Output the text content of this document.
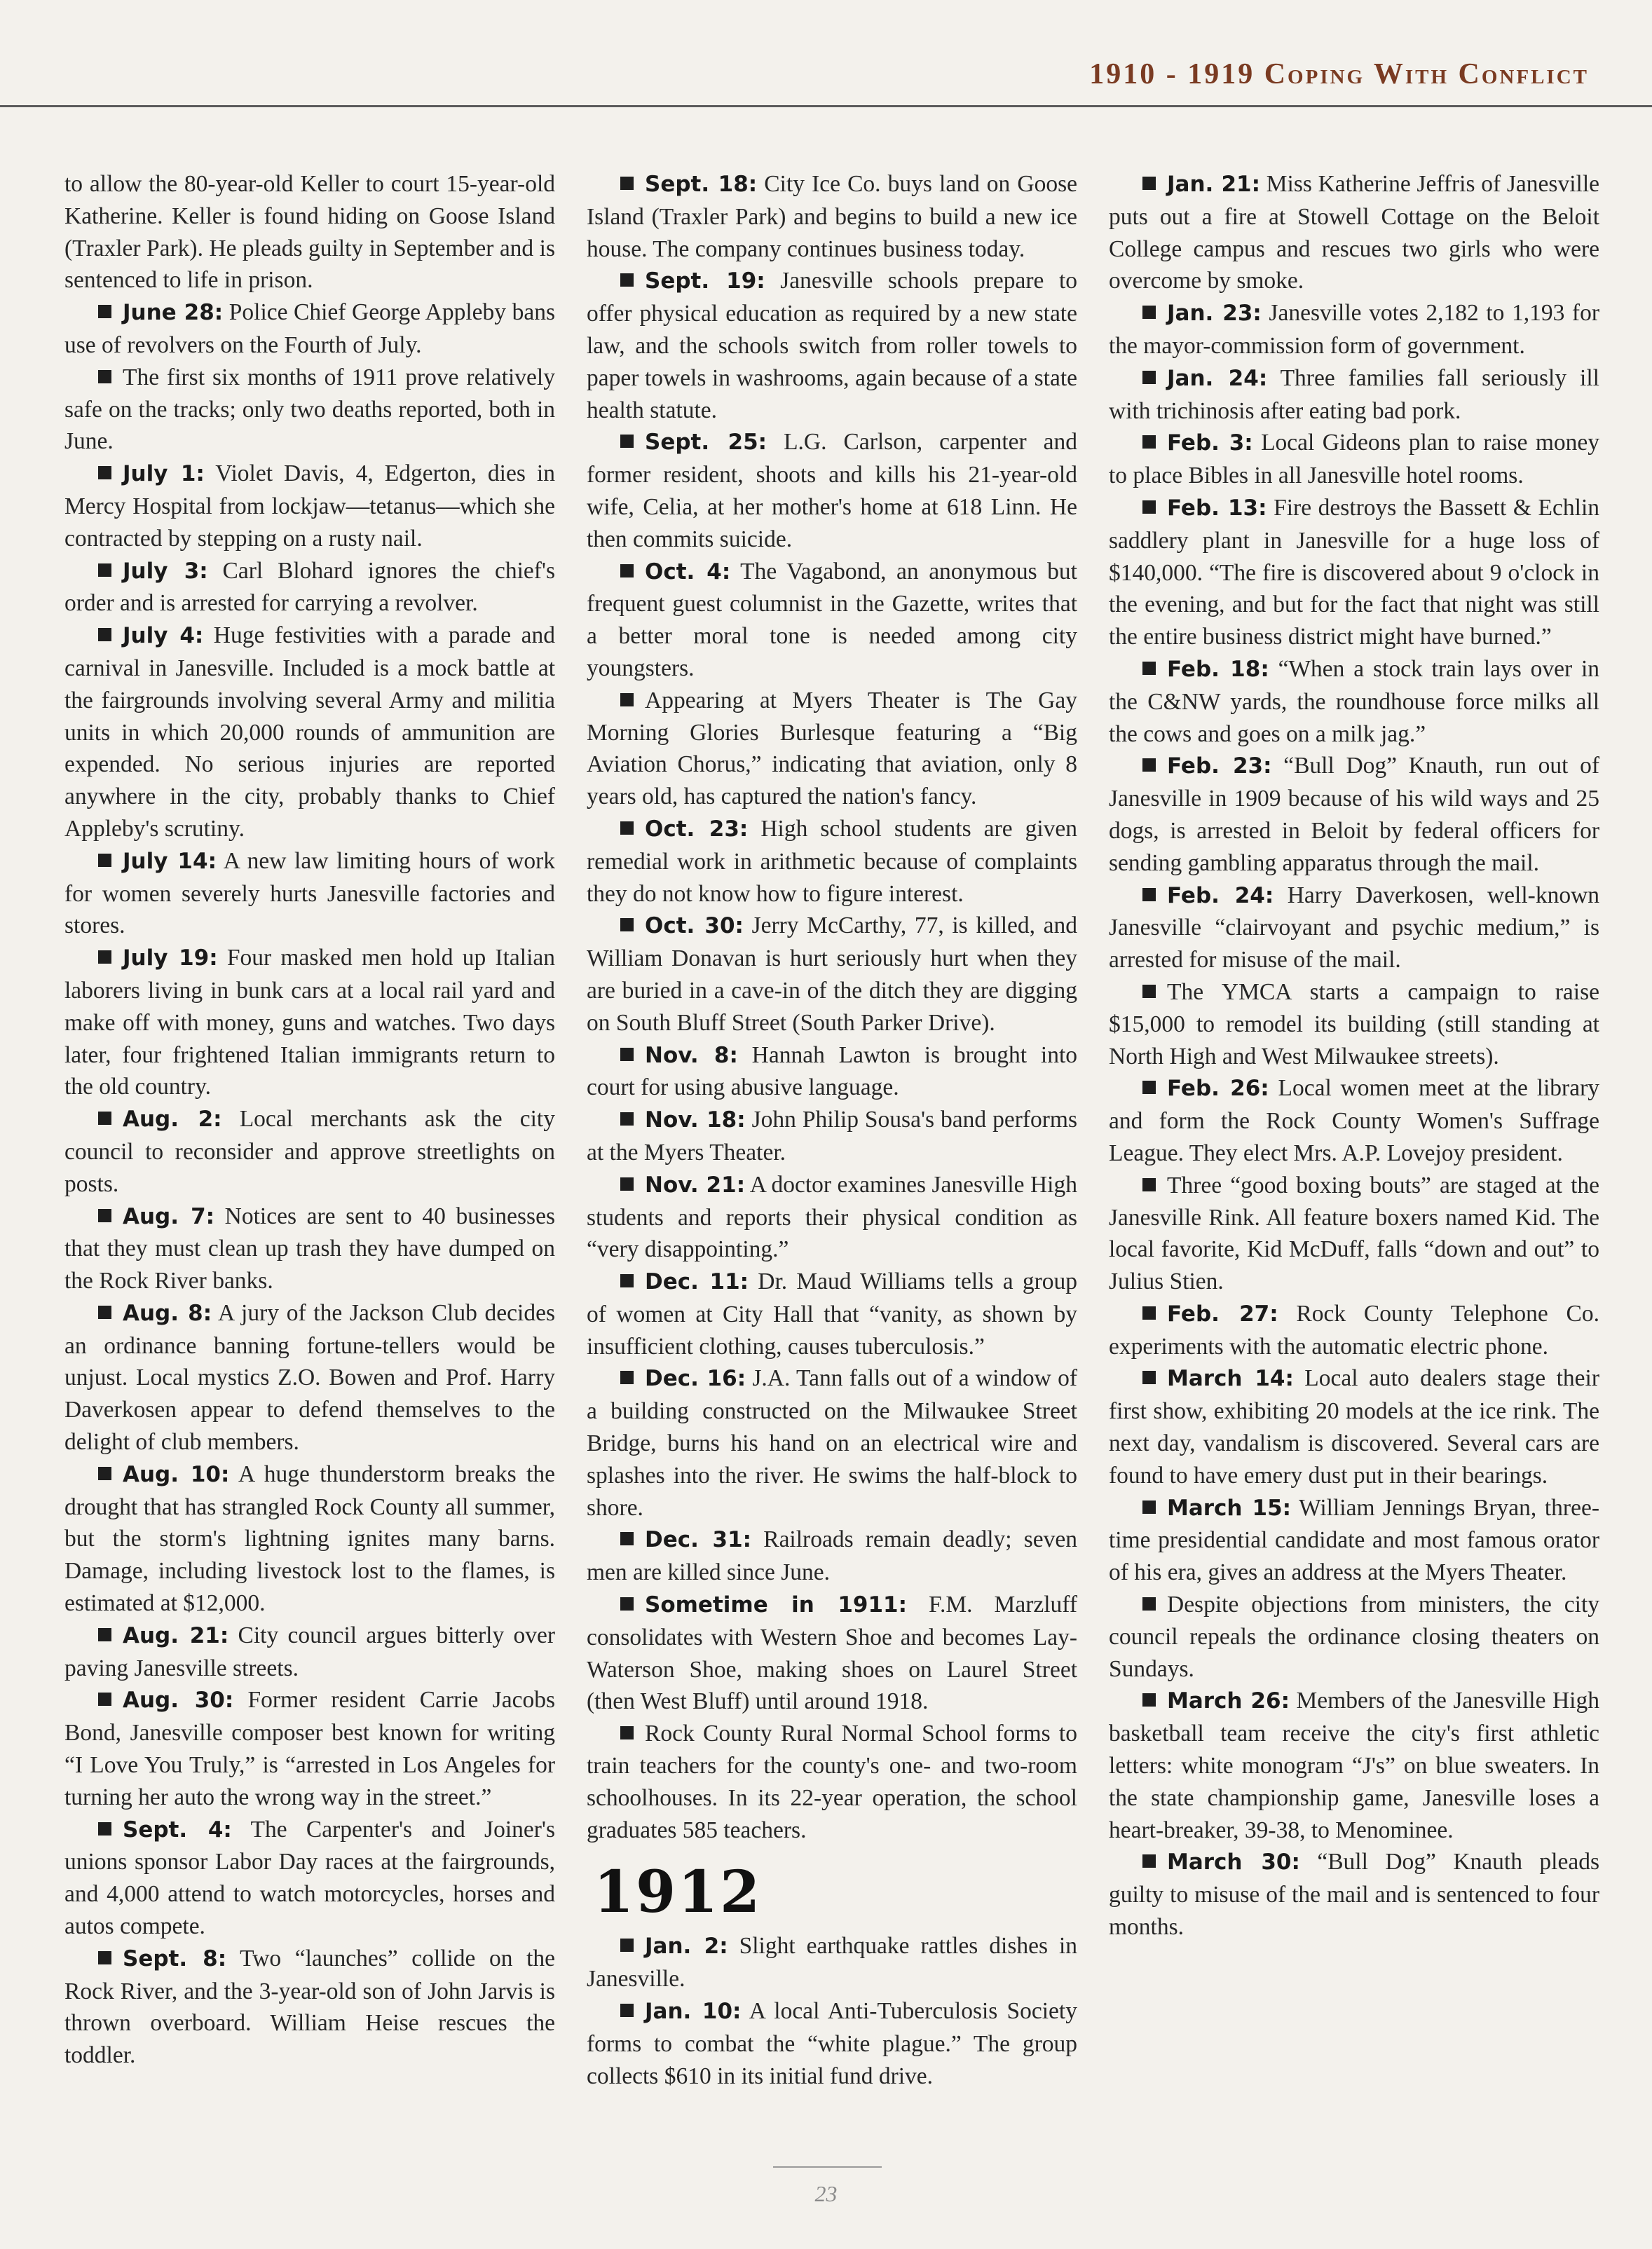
1910 - 1919 Coping With Conflict

to allow the 80-year-old Keller to court 15-year-old Katherine. Keller is found hiding on Goose Island (Traxler Park). He pleads guilty in September and is sentenced to life in prison.

June 28: Police Chief George Appleby bans use of revolvers on the Fourth of July.

The first six months of 1911 prove relatively safe on the tracks; only two deaths reported, both in June.

July 1: Violet Davis, 4, Edgerton, dies in Mercy Hospital from lockjaw—tetanus—which she contracted by stepping on a rusty nail.

July 3: Carl Blohard ignores the chief's order and is arrested for carrying a revolver.

July 4: Huge festivities with a parade and carnival in Janesville. Included is a mock battle at the fairgrounds involving several Army and militia units in which 20,000 rounds of ammunition are expended. No serious injuries are reported anywhere in the city, probably thanks to Chief Appleby's scrutiny.

July 14: A new law limiting hours of work for women severely hurts Janesville factories and stores.

July 19: Four masked men hold up Italian laborers living in bunk cars at a local rail yard and make off with money, guns and watches. Two days later, four frightened Italian immigrants return to the old country.

Aug. 2: Local merchants ask the city council to reconsider and approve streetlights on posts.

Aug. 7: Notices are sent to 40 businesses that they must clean up trash they have dumped on the Rock River banks.

Aug. 8: A jury of the Jackson Club decides an ordinance banning fortune-tellers would be unjust. Local mystics Z.O. Bowen and Prof. Harry Daverkosen appear to defend themselves to the delight of club members.

Aug. 10: A huge thunderstorm breaks the drought that has strangled Rock County all summer, but the storm's lightning ignites many barns. Damage, including livestock lost to the flames, is estimated at $12,000.

Aug. 21: City council argues bitterly over paving Janesville streets.

Aug. 30: Former resident Carrie Jacobs Bond, Janesville composer best known for writing “I Love You Truly,” is “arrested in Los Angeles for turning her auto the wrong way in the street.”

Sept. 4: The Carpenter's and Joiner's unions sponsor Labor Day races at the fairgrounds, and 4,000 attend to watch motorcycles, horses and autos compete.

Sept. 8: Two “launches” collide on the Rock River, and the 3-year-old son of John Jarvis is thrown overboard. William Heise rescues the toddler.

Sept. 18: City Ice Co. buys land on Goose Island (Traxler Park) and begins to build a new ice house. The company continues business today.

Sept. 19: Janesville schools prepare to offer physical education as required by a new state law, and the schools switch from roller towels to paper towels in washrooms, again because of a state health statute.

Sept. 25: L.G. Carlson, carpenter and former resident, shoots and kills his 21-year-old wife, Celia, at her mother's home at 618 Linn. He then commits suicide.

Oct. 4: The Vagabond, an anonymous but frequent guest columnist in the Gazette, writes that a better moral tone is needed among city youngsters.

Appearing at Myers Theater is The Gay Morning Glories Burlesque featuring a “Big Aviation Chorus,” indicating that aviation, only 8 years old, has captured the nation's fancy.

Oct. 23: High school students are given remedial work in arithmetic because of complaints they do not know how to figure interest.

Oct. 30: Jerry McCarthy, 77, is killed, and William Donavan is hurt seriously hurt when they are buried in a cave-in of the ditch they are digging on South Bluff Street (South Parker Drive).

Nov. 8: Hannah Lawton is brought into court for using abusive language.

Nov. 18: John Philip Sousa's band performs at the Myers Theater.

Nov. 21: A doctor examines Janesville High students and reports their physical condition as “very disappointing.”

Dec. 11: Dr. Maud Williams tells a group of women at City Hall that “vanity, as shown by insufficient clothing, causes tuberculosis.”

Dec. 16: J.A. Tann falls out of a window of a building constructed on the Milwaukee Street Bridge, burns his hand on an electrical wire and splashes into the river. He swims the half-block to shore.

Dec. 31: Railroads remain deadly; seven men are killed since June.

Sometime in 1911: F.M. Marzluff consolidates with Western Shoe and becomes Lay-Waterson Shoe, making shoes on Laurel Street (then West Bluff) until around 1918.

Rock County Rural Normal School forms to train teachers for the county's one- and two-room schoolhouses. In its 22-year operation, the school graduates 585 teachers.

1912

Jan. 2: Slight earthquake rattles dishes in Janesville.

Jan. 10: A local Anti-Tuberculosis Society forms to combat the “white plague.” The group collects $610 in its initial fund drive.

Jan. 21: Miss Katherine Jeffris of Janesville puts out a fire at Stowell Cottage on the Beloit College campus and rescues two girls who were overcome by smoke.

Jan. 23: Janesville votes 2,182 to 1,193 for the mayor-commission form of government.

Jan. 24: Three families fall seriously ill with trichinosis after eating bad pork.

Feb. 3: Local Gideons plan to raise money to place Bibles in all Janesville hotel rooms.

Feb. 13: Fire destroys the Bassett & Echlin saddlery plant in Janesville for a huge loss of $140,000. “The fire is discovered about 9 o'clock in the evening, and but for the fact that night was still the entire business district might have burned.”

Feb. 18: “When a stock train lays over in the C&NW yards, the roundhouse force milks all the cows and goes on a milk jag.”

Feb. 23: “Bull Dog” Knauth, run out of Janesville in 1909 because of his wild ways and 25 dogs, is arrested in Beloit by federal officers for sending gambling apparatus through the mail.

Feb. 24: Harry Daverkosen, well-known Janesville “clairvoyant and psychic medium,” is arrested for misuse of the mail.

The YMCA starts a campaign to raise $15,000 to remodel its building (still standing at North High and West Milwaukee streets).

Feb. 26: Local women meet at the library and form the Rock County Women's Suffrage League. They elect Mrs. A.P. Lovejoy president.

Three “good boxing bouts” are staged at the Janesville Rink. All feature boxers named Kid. The local favorite, Kid McDuff, falls “down and out” to Julius Stien.

Feb. 27: Rock County Telephone Co. experiments with the automatic electric phone.

March 14: Local auto dealers stage their first show, exhibiting 20 models at the ice rink. The next day, vandalism is discovered. Several cars are found to have emery dust put in their bearings.

March 15: William Jennings Bryan, three-time presidential candidate and most famous orator of his era, gives an address at the Myers Theater.

Despite objections from ministers, the city council repeals the ordinance closing theaters on Sundays.

March 26: Members of the Janesville High basketball team receive the city's first athletic letters: white monogram “J's” on blue sweaters. In the state championship game, Janesville loses a heart-breaker, 39-38, to Menominee.

March 30: “Bull Dog” Knauth pleads guilty to misuse of the mail and is sentenced to four months.

23
